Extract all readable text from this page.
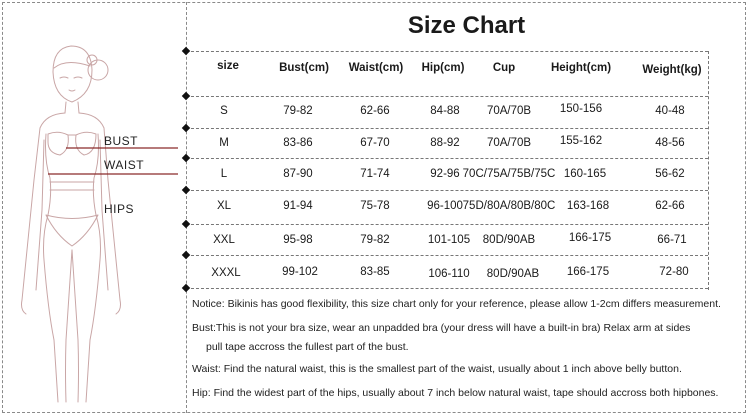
BUST
WAIST
HIPS
Size Chart
size	Bust(cm) Waist(cm) Hip(cm) Cup	Height(cm)	Weight(kg)
S	79-82	62-66	84-88 70A/70B	150-156	40-48
M	83-86	67-70	88-92 70A/70B	155-162	48-56
L	87-90	71-74	92-96 70C/75A/75B/75C 160-165	56-62
XL	91-94	75-78	96-100 75D/80A/80B/80C 163-168	62-66
XXL	95-98	79-82	101-105 80D/90AB	166-175	66-71
XXXL	99-102	83-85	106-110 80D/90AB 166-175	72-80
Notice: Bikinis has good flexibility, this size chart only for your reference, please allow 1-2cm differs measurement.
Bust:This is not your bra size, wear an unpadded bra (your dress will have a built-in bra) Relax arm at sides
pull tape accross the fullest part of the bust.
Waist: Find the natural waist, this is the smallest part of the waist, usually about 1 inch above belly button.
Hip: Find the widest part of the hips, usually about 7 inch below natural waist, tape should accross both hipbones.
